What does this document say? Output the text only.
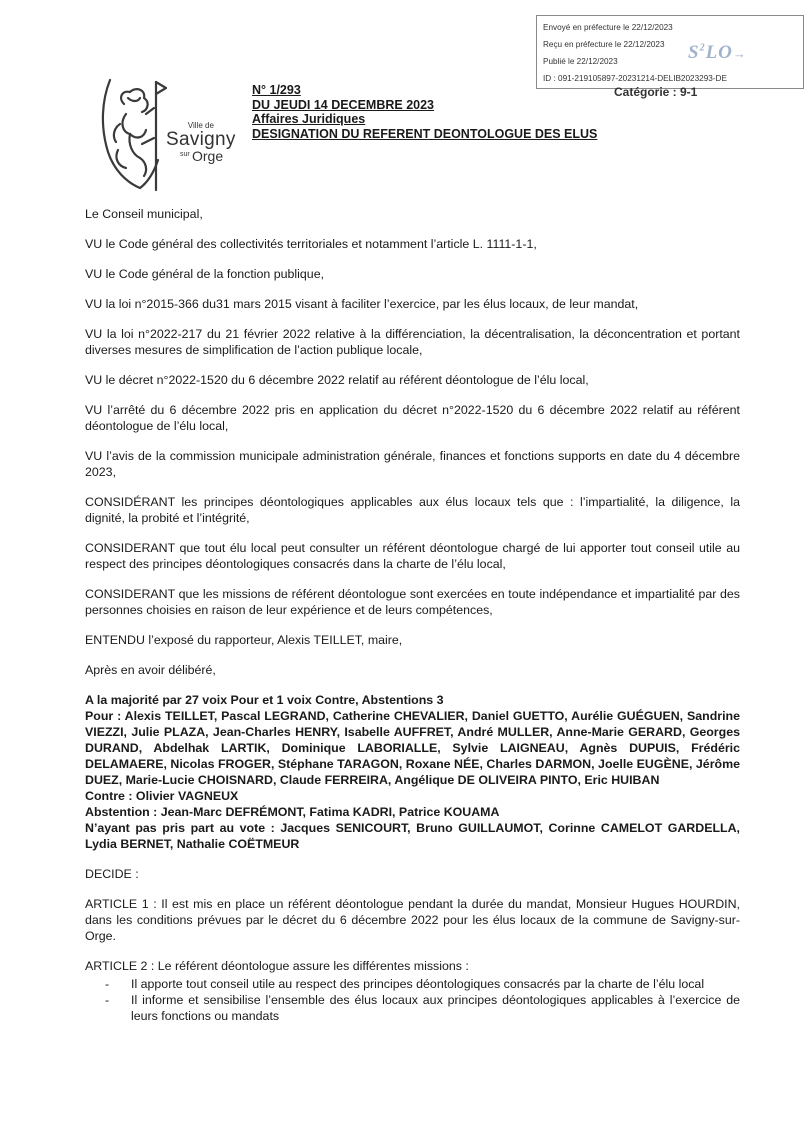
Envoyé en préfecture le 22/12/2023
Reçu en préfecture le 22/12/2023
Publié le 22/12/2023
ID : 091-219105897-20231214-DELIB2023293-DE
$S^2LO\to$
Catégorie : 9-1
Ville de
Savigny
sur Orge
N° 1/293
DU JEUDI 14 DECEMBRE 2023
Affaires Juridiques
DESIGNATION DU REFERENT DEONTOLOGUE DES ELUS

Le Conseil municipal,

VU le Code général des collectivités territoriales et notamment l’article L. 1111-1-1,

VU le Code général de la fonction publique,

VU la loi n°2015-366 du31 mars 2015 visant à faciliter l’exercice, par les élus locaux, de leur mandat,

VU la loi n°2022-217 du 21 février 2022 relative à la différenciation, la décentralisation, la déconcentration et portant diverses mesures de simplification de l’action publique locale,

VU le décret n°2022-1520 du 6 décembre 2022 relatif au référent déontologue de l’élu local,

VU l’arrêté du 6 décembre 2022 pris en application du décret n°2022-1520 du 6 décembre 2022 relatif au référent déontologue de l’élu local,

VU l’avis de la commission municipale administration générale, finances et fonctions supports en date du 4 décembre 2023,

CONSIDÉRANT les principes déontologiques applicables aux élus locaux tels que : l’impartialité, la diligence, la dignité, la probité et l’intégrité,

CONSIDERANT que tout élu local peut consulter un référent déontologue chargé de lui apporter tout conseil utile au respect des principes déontologiques consacrés dans la charte de l’élu local,

CONSIDERANT que les missions de référent déontologue sont exercées en toute indépendance et impartialité par des personnes choisies en raison de leur expérience et de leurs compétences,

ENTENDU l’exposé du rapporteur, Alexis TEILLET, maire,

Après en avoir délibéré,

A la majorité par 27 voix Pour et 1 voix Contre, Abstentions 3
Pour : Alexis TEILLET, Pascal LEGRAND, Catherine CHEVALIER, Daniel GUETTO, Aurélie GUÉGUEN, Sandrine VIEZZI, Julie PLAZA, Jean-Charles HENRY, Isabelle AUFFRET, André MULLER, Anne-Marie GERARD, Georges DURAND, Abdelhak LARTIK, Dominique LABORIALLE, Sylvie LAIGNEAU, Agnès DUPUIS, Frédéric DELAMAERE, Nicolas FROGER, Stéphane TARAGON, Roxane NÉE, Charles DARMON, Joelle EUGÈNE, Jérôme DUEZ, Marie-Lucie CHOISNARD, Claude FERREIRA, Angélique DE OLIVEIRA PINTO, Eric HUIBAN
Contre : Olivier VAGNEUX
Abstention : Jean-Marc DEFRÉMONT, Fatima KADRI, Patrice KOUAMA
N’ayant pas pris part au vote : Jacques SENICOURT, Bruno GUILLAUMOT, Corinne CAMELOT GARDELLA, Lydia BERNET, Nathalie COËTMEUR

DECIDE :

ARTICLE 1 : Il est mis en place un référent déontologue pendant la durée du mandat, Monsieur Hugues HOURDIN, dans les conditions prévues par le décret du 6 décembre 2022 pour les élus locaux de la commune de Savigny-sur-Orge.

ARTICLE 2 : Le référent déontologue assure les différentes missions :

- Il apporte tout conseil utile au respect des principes déontologiques consacrés par la charte de l’élu local
- Il informe et sensibilise l’ensemble des élus locaux aux principes déontologiques applicables à l’exercice de leurs fonctions ou mandats
